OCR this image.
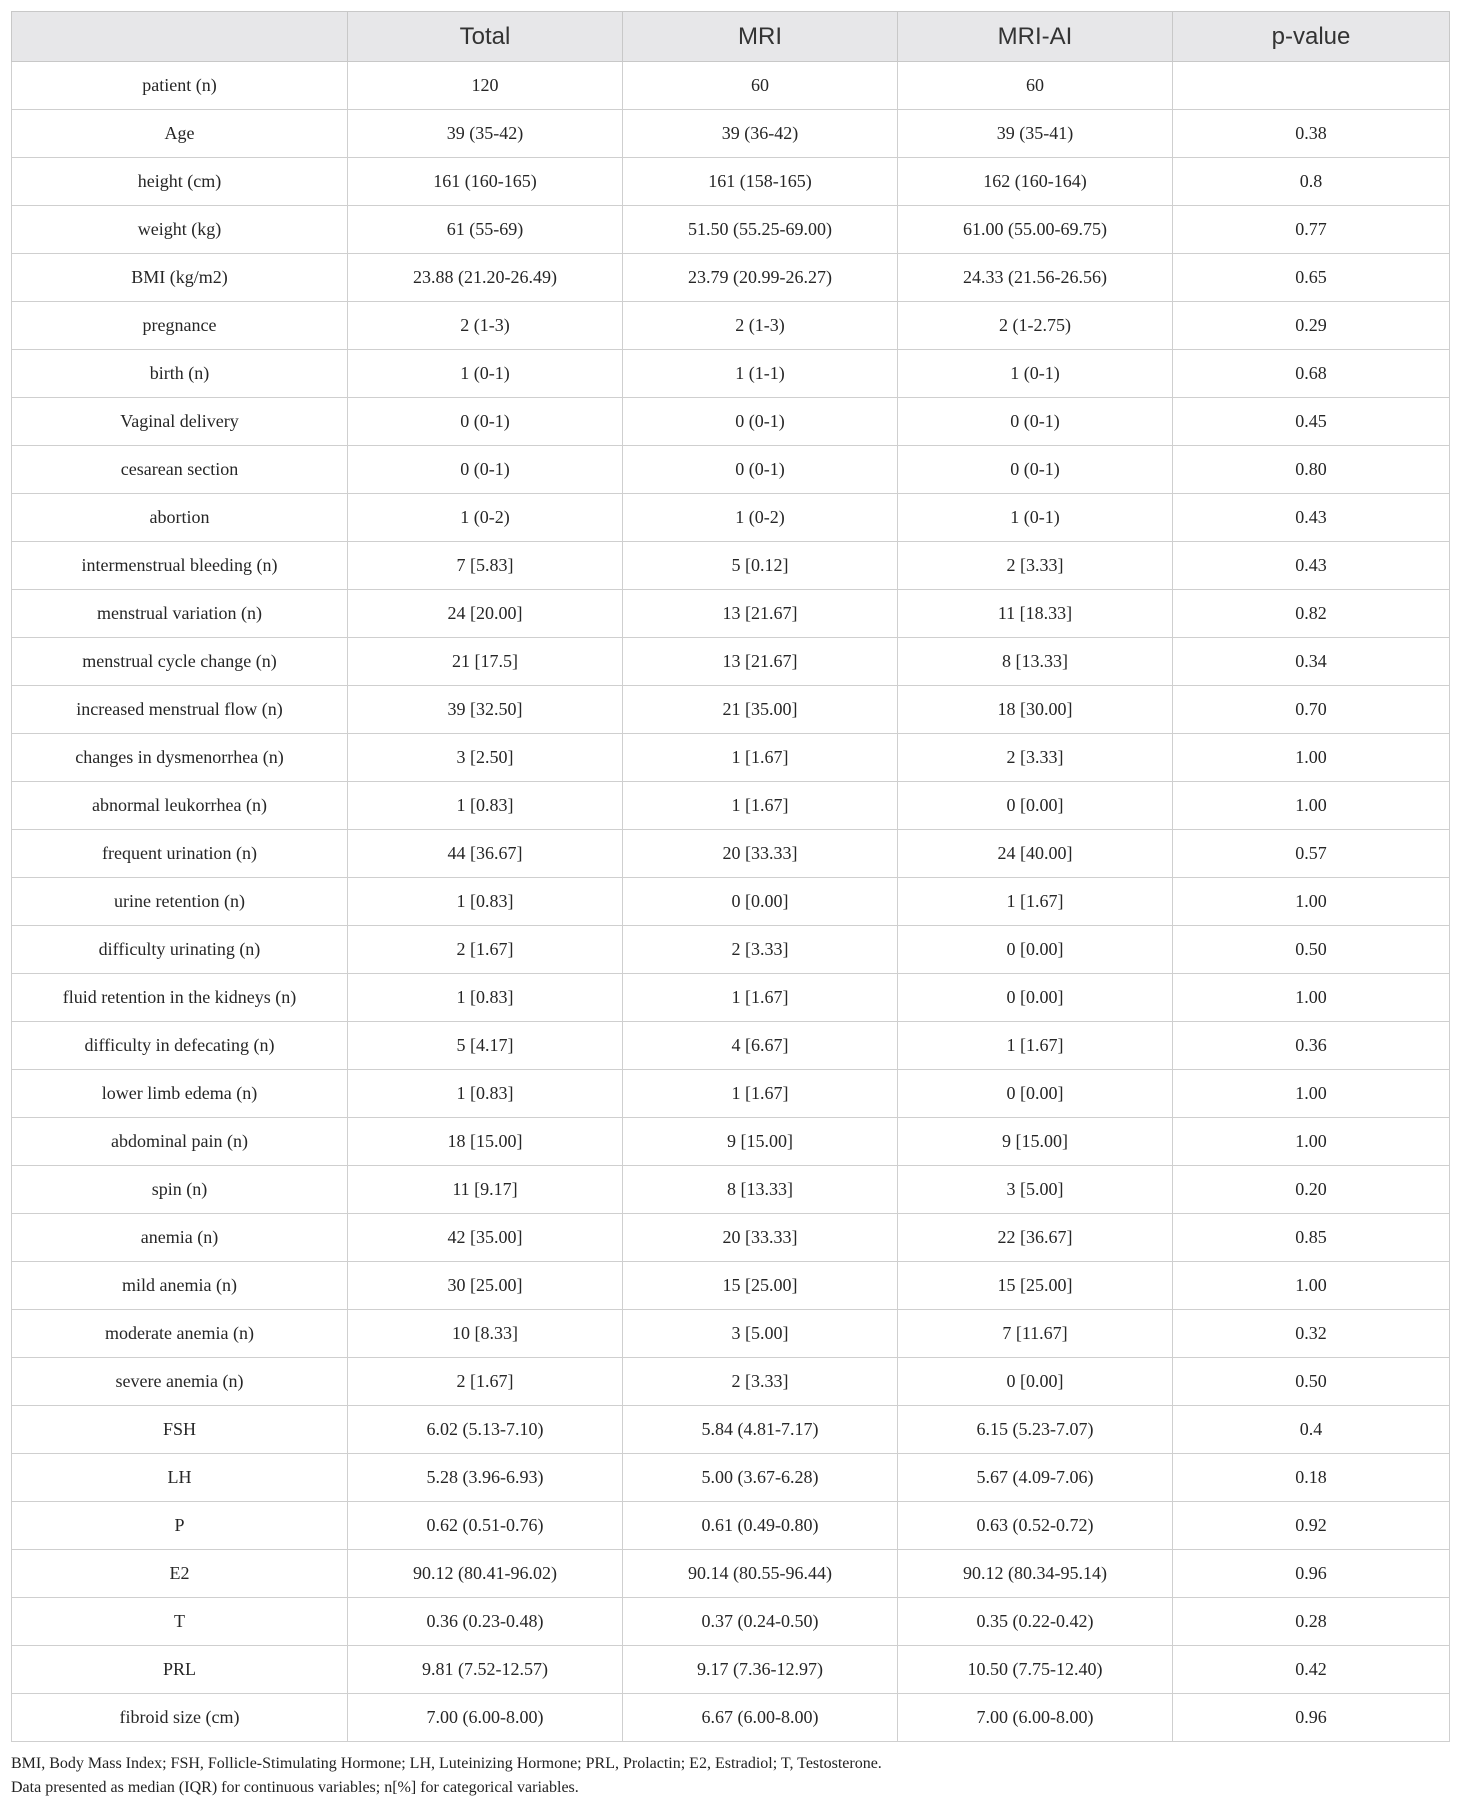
	Total	MRI	MRI-AI	p-value
patient (n)	120	60	60	
Age	39 (35-42)	39 (36-42)	39 (35-41)	0.38
height (cm)	161 (160-165)	161 (158-165)	162 (160-164)	0.8
weight (kg)	61 (55-69)	51.50 (55.25-69.00)	61.00 (55.00-69.75)	0.77
BMI (kg/m2)	23.88 (21.20-26.49)	23.79 (20.99-26.27)	24.33 (21.56-26.56)	0.65
pregnance	2 (1-3)	2 (1-3)	2 (1-2.75)	0.29
birth (n)	1 (0-1)	1 (1-1)	1 (0-1)	0.68
Vaginal delivery	0 (0-1)	0 (0-1)	0 (0-1)	0.45
cesarean section	0 (0-1)	0 (0-1)	0 (0-1)	0.80
abortion	1 (0-2)	1 (0-2)	1 (0-1)	0.43
intermenstrual bleeding (n)	7 [5.83]	5 [0.12]	2 [3.33]	0.43
menstrual variation (n)	24 [20.00]	13 [21.67]	11 [18.33]	0.82
menstrual cycle change (n)	21 [17.5]	13 [21.67]	8 [13.33]	0.34
increased menstrual flow (n)	39 [32.50]	21 [35.00]	18 [30.00]	0.70
changes in dysmenorrhea (n)	3 [2.50]	1 [1.67]	2 [3.33]	1.00
abnormal leukorrhea (n)	1 [0.83]	1 [1.67]	0 [0.00]	1.00
frequent urination (n)	44 [36.67]	20 [33.33]	24 [40.00]	0.57
urine retention (n)	1 [0.83]	0 [0.00]	1 [1.67]	1.00
difficulty urinating (n)	2 [1.67]	2 [3.33]	0 [0.00]	0.50
fluid retention in the kidneys (n)	1 [0.83]	1 [1.67]	0 [0.00]	1.00
difficulty in defecating (n)	5 [4.17]	4 [6.67]	1 [1.67]	0.36
lower limb edema (n)	1 [0.83]	1 [1.67]	0 [0.00]	1.00
abdominal pain (n)	18 [15.00]	9 [15.00]	9 [15.00]	1.00
spin (n)	11 [9.17]	8 [13.33]	3 [5.00]	0.20
anemia (n)	42 [35.00]	20 [33.33]	22 [36.67]	0.85
mild anemia (n)	30 [25.00]	15 [25.00]	15 [25.00]	1.00
moderate anemia (n)	10 [8.33]	3 [5.00]	7 [11.67]	0.32
severe anemia (n)	2 [1.67]	2 [3.33]	0 [0.00]	0.50
FSH	6.02 (5.13-7.10)	5.84 (4.81-7.17)	6.15 (5.23-7.07)	0.4
LH	5.28 (3.96-6.93)	5.00 (3.67-6.28)	5.67 (4.09-7.06)	0.18
P	0.62 (0.51-0.76)	0.61 (0.49-0.80)	0.63 (0.52-0.72)	0.92
E2	90.12 (80.41-96.02)	90.14 (80.55-96.44)	90.12 (80.34-95.14)	0.96
T	0.36 (0.23-0.48)	0.37 (0.24-0.50)	0.35 (0.22-0.42)	0.28
PRL	9.81 (7.52-12.57)	9.17 (7.36-12.97)	10.50 (7.75-12.40)	0.42
fibroid size (cm)	7.00 (6.00-8.00)	6.67 (6.00-8.00)	7.00 (6.00-8.00)	0.96
BMI, Body Mass Index; FSH, Follicle-Stimulating Hormone; LH, Luteinizing Hormone; PRL, Prolactin; E2, Estradiol; T, Testosterone.
Data presented as median (IQR) for continuous variables; n[%] for categorical variables.
